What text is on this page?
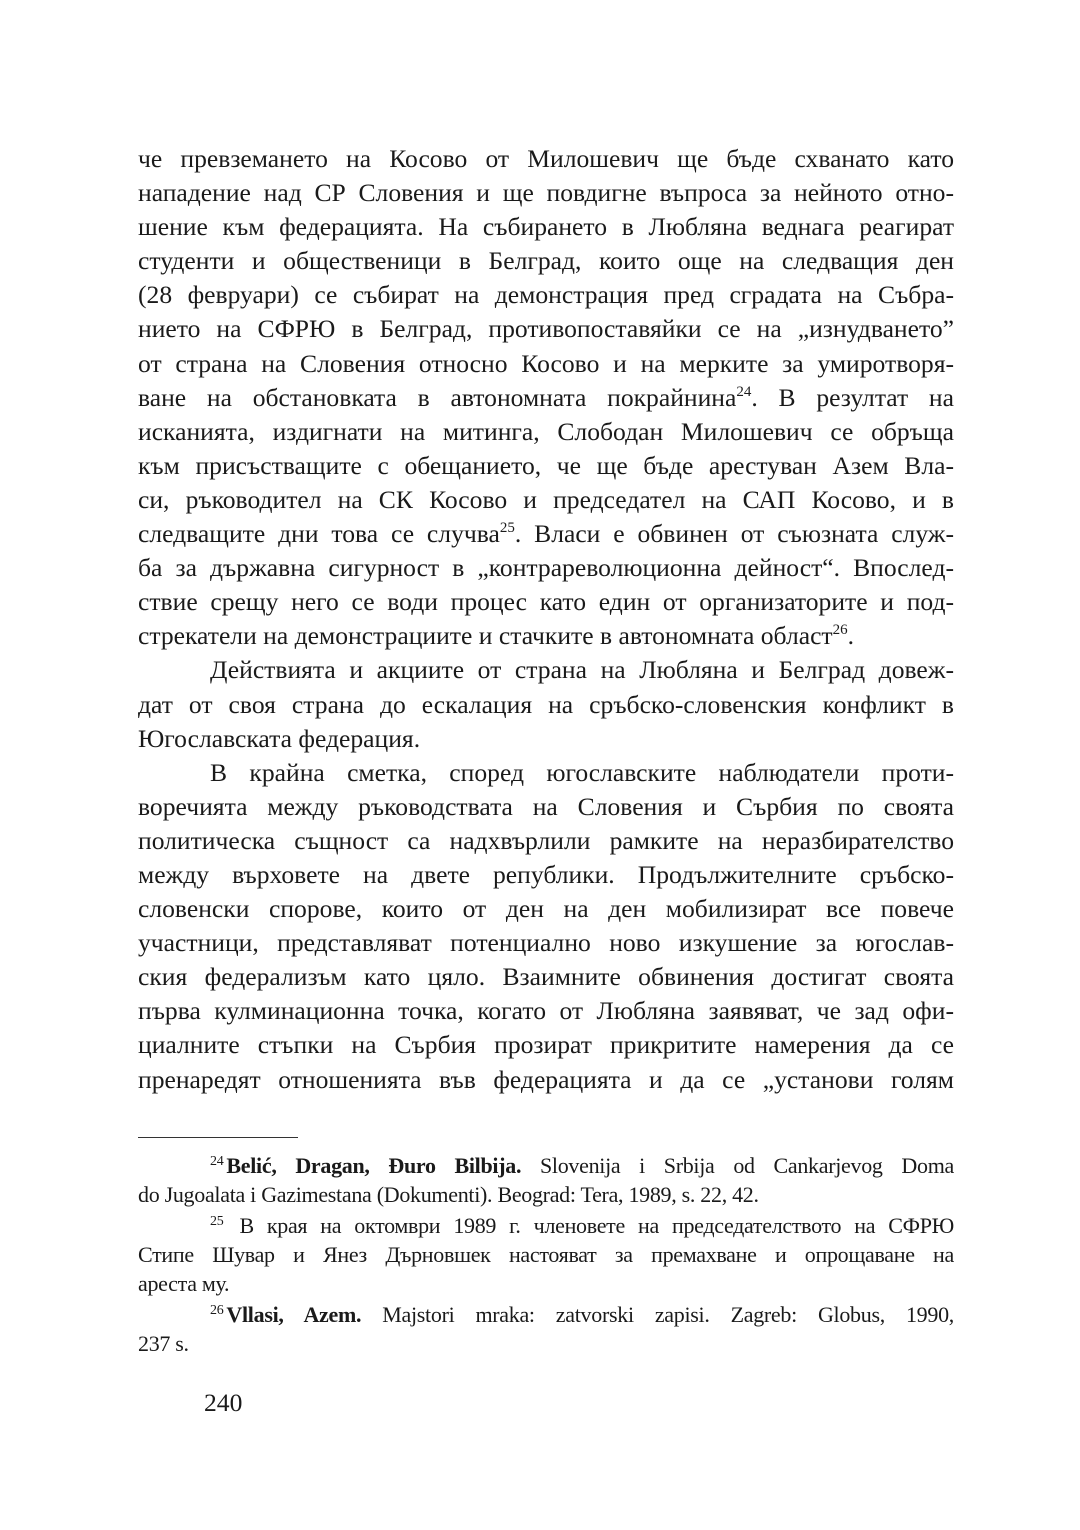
че превземането на Косово от Милошевич ще бъде схванато като
нападение над СР Словения и ще повдигне въпроса за нейното отно-
шение към федерацията. На събирането в Любляна веднага реагират
студенти и общественици в Белград, които още на следващия ден
(28 февруари) се събират на демонстрация пред сградата на Събра-
нието на СФРЮ в Белград, противопоставяйки се на „изнудването”
от страна на Словения относно Косово и на мерките за умиротворя-
ване на обстановката в автономната покрайнина$^{24}$. В резултат на
исканията, издигнати на митинга, Слободан Милошевич се обръща
към присъстващите с обещанието, че ще бъде арестуван Азем Вла-
си, ръководител на СК Косово и председател на САП Косово, и в
следващите дни това се случва$^{25}$. Власи е обвинен от съюзната служ-
ба за държавна сигурност в „контрареволюционна дейност“. Впослед-
ствие срещу него се води процес като един от организаторите и под-
стрекатели на демонстрациите и стачките в автономната област$^{26}$.

Действията и акциите от страна на Любляна и Белград довеж-
дат от своя страна до ескалация на сръбско-словенския конфликт в
Югославската федерация.

В крайна сметка, според югославските наблюдатели проти-
воречията между ръководствата на Словения и Сърбия по своята
политическа същност са надхвърлили рамките на неразбирателство
между върховете на двете републики. Продължителните сръбско-
словенски спорове, които от ден на ден мобилизират все повече
участници, представляват потенциално ново изкушение за югослав-
ския федерализъм като цяло. Взаимните обвинения достигат своята
първа кулминационна точка, когато от Любляна заявяват, че зад офи-
циалните стъпки на Сърбия прозират прикритите намерения да се
пренаредят отношенията във федерацията и да се „установи голям

$^{24}$ Belić, Dragan, Đuro Bilbija. Slovenija i Srbija od Cankarjevog Doma
do Jugoalata i Gazimestana (Dokumenti). Beograd: Tera, 1989, s. 22, 42.
$^{25}$ В края на октомври 1989 г. членовете на председателството на СФРЮ
Стипе Шувар и Янез Дърновшек настояват за премахване и опрощаване на
ареста му.
$^{26}$ Vllasi, Azem. Majstori mraka: zatvorski zapisi. Zagreb: Globus, 1990,
237 s.
240
